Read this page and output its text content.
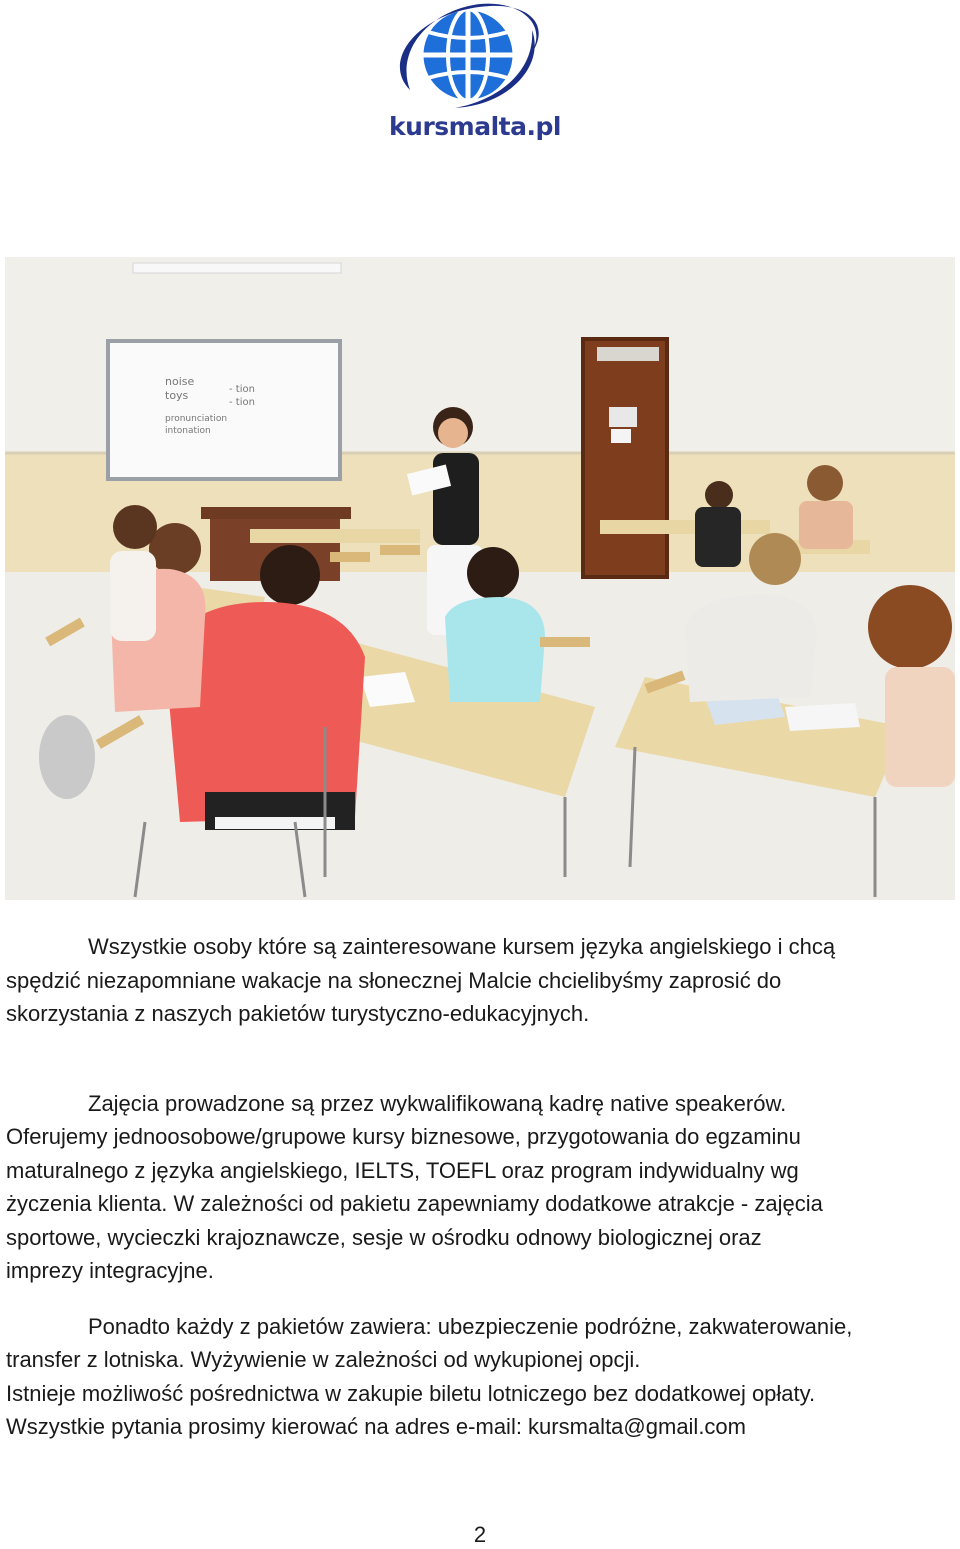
kursmalta.pl
noise
toys
pronunciation
intonation
- tion
- tion

Wszystkie osoby które są zainteresowane kursem języka angielskiego i chcą
spędzić niezapomniane wakacje na słonecznej Malcie chcielibyśmy zaprosić do
skorzystania z naszych pakietów turystyczno-edukacyjnych.

Zajęcia prowadzone są przez wykwalifikowaną kadrę native speakerów.
Oferujemy jednoosobowe/grupowe kursy biznesowe, przygotowania do egzaminu
maturalnego z języka angielskiego, IELTS, TOEFL oraz program indywidualny wg
życzenia klienta. W zależności od pakietu zapewniamy dodatkowe atrakcje - zajęcia
sportowe, wycieczki krajoznawcze, sesje w ośrodku odnowy biologicznej oraz
imprezy integracyjne.

Ponadto każdy z pakietów zawiera: ubezpieczenie podróżne, zakwaterowanie,
transfer z lotniska. Wyżywienie w zależności od wykupionej opcji.
Istnieje możliwość pośrednictwa w zakupie biletu lotniczego bez dodatkowej opłaty.
Wszystkie pytania prosimy kierować na adres e-mail: kursmalta@gmail.com

2
